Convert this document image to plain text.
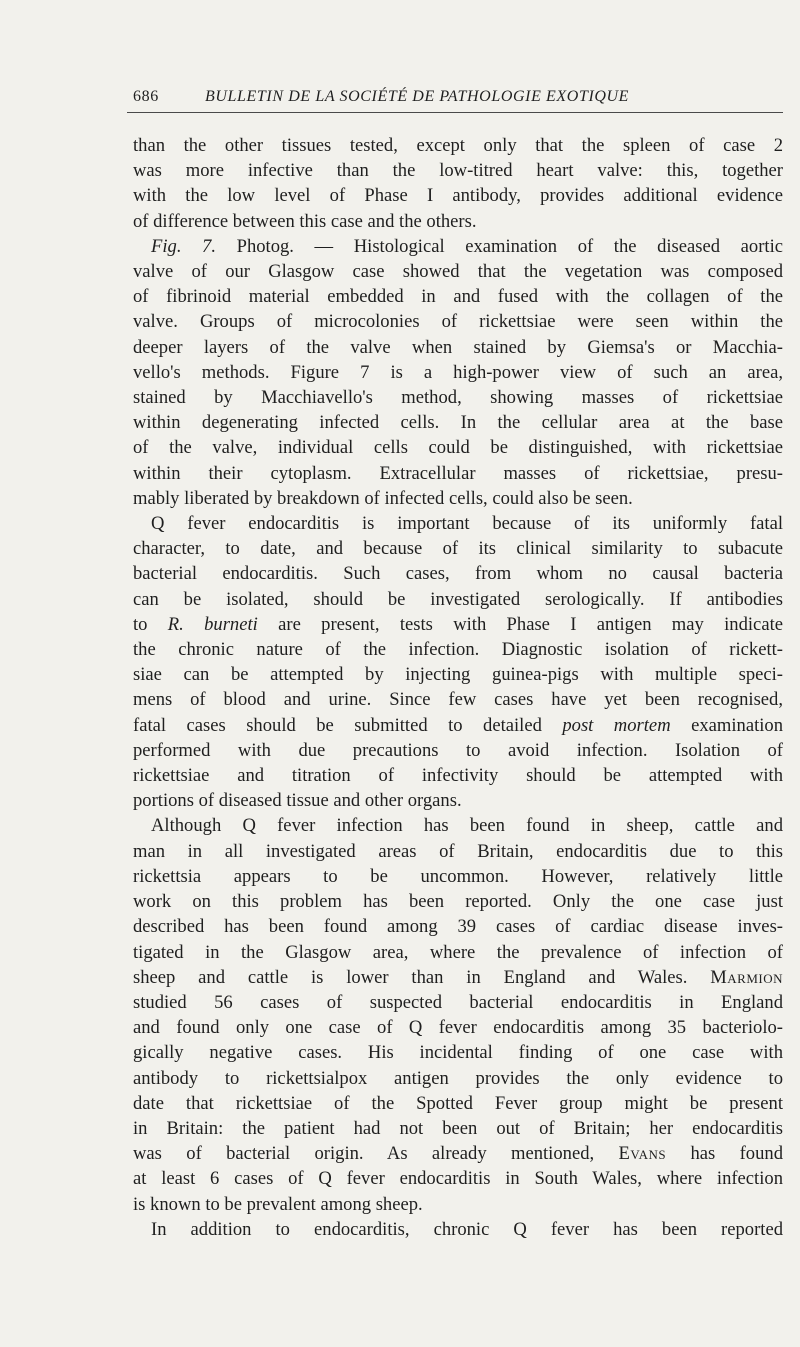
686	BULLETIN DE LA SOCIÉTÉ DE PATHOLOGIE EXOTIQUE
than the other tissues tested, except only that the spleen of case 2
was more infective than the low-titred heart valve: this, together
with the low level of Phase I antibody, provides additional evidence
of difference between this case and the others.
Fig. 7. Photog. — Histological examination of the diseased aortic
valve of our Glasgow case showed that the vegetation was composed
of fibrinoid material embedded in and fused with the collagen of the
valve. Groups of microcolonies of rickettsiae were seen within the
deeper layers of the valve when stained by Giemsa's or Macchia-
vello's methods. Figure 7 is a high-power view of such an area,
stained by Macchiavello's method, showing masses of rickettsiae
within degenerating infected cells. In the cellular area at the base
of the valve, individual cells could be distinguished, with rickettsiae
within their cytoplasm. Extracellular masses of rickettsiae, presu-
mably liberated by breakdown of infected cells, could also be seen.
Q fever endocarditis is important because of its uniformly fatal
character, to date, and because of its clinical similarity to subacute
bacterial endocarditis. Such cases, from whom no causal bacteria
can be isolated, should be investigated serologically. If antibodies
to R. burneti are present, tests with Phase I antigen may indicate
the chronic nature of the infection. Diagnostic isolation of rickett-
siae can be attempted by injecting guinea-pigs with multiple speci-
mens of blood and urine. Since few cases have yet been recognised,
fatal cases should be submitted to detailed post mortem examination
performed with due precautions to avoid infection. Isolation of
rickettsiae and titration of infectivity should be attempted with
portions of diseased tissue and other organs.
Although Q fever infection has been found in sheep, cattle and
man in all investigated areas of Britain, endocarditis due to this
rickettsia appears to be uncommon. However, relatively little
work on this problem has been reported. Only the one case just
described has been found among 39 cases of cardiac disease inves-
tigated in the Glasgow area, where the prevalence of infection of
sheep and cattle is lower than in England and Wales. Marmion
studied 56 cases of suspected bacterial endocarditis in England
and found only one case of Q fever endocarditis among 35 bacteriolo-
gically negative cases. His incidental finding of one case with
antibody to rickettsialpox antigen provides the only evidence to
date that rickettsiae of the Spotted Fever group might be present
in Britain: the patient had not been out of Britain; her endocarditis
was of bacterial origin. As already mentioned, Evans has found
at least 6 cases of Q fever endocarditis in South Wales, where infection
is known to be prevalent among sheep.
In addition to endocarditis, chronic Q fever has been reported
